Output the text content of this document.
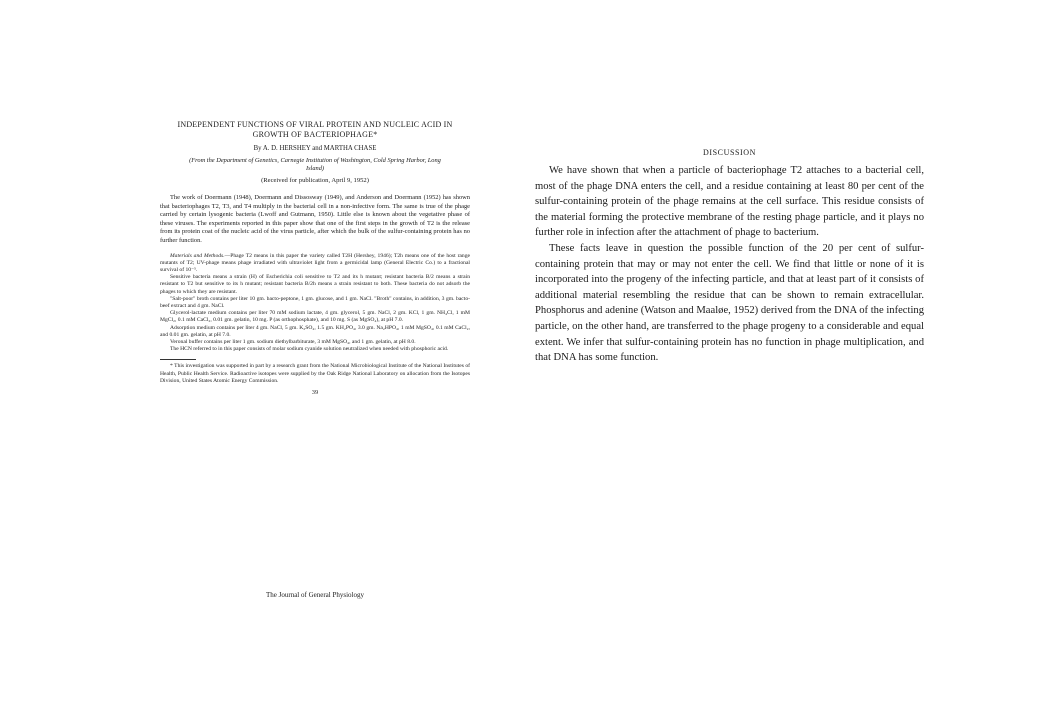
INDEPENDENT FUNCTIONS OF VIRAL PROTEIN AND NUCLEIC ACID IN GROWTH OF BACTERIOPHAGE*
By A. D. HERSHEY and MARTHA CHASE
(From the Department of Genetics, Carnegie Institution of Washington, Cold Spring Harbor, Long Island)
(Received for publication, April 9, 1952)

The work of Doermann (1948), Doermann and Dissosway (1949), and Anderson and Doermann (1952) has shown that bacteriophages T2, T3, and T4 multiply in the bacterial cell in a non-infective form. The same is true of the phage carried by certain lysogenic bacteria (Lwoff and Gutmann, 1950). Little else is known about the vegetative phase of these viruses. The experiments reported in this paper show that one of the first steps in the growth of T2 is the release from its protein coat of the nucleic acid of the virus particle, after which the bulk of the sulfur-containing protein has no further function.

Materials and Methods.—Phage T2 means in this paper the variety called T2H (Hershey, 1946); T2h means one of the host range mutants of T2; UV-phage means phage irradiated with ultraviolet light from a germicidal lamp (General Electric Co.) to a fractional survival of 10⁻⁵.

Sensitive bacteria means a strain (H) of Escherichia coli sensitive to T2 and its h mutant; resistant bacteria B/2 means a strain resistant to T2 but sensitive to its h mutant; resistant bacteria B/2h means a strain resistant to both. These bacteria do not adsorb the phages to which they are resistant.

"Salt-poor" broth contains per liter 10 gm. bacto-peptone, 1 gm. glucose, and 1 gm. NaCl. "Broth" contains, in addition, 3 gm. bacto-beef extract and 4 gm. NaCl.

Glycerol-lactate medium contains per liter 70 mM sodium lactate, 4 gm. glycerol, 5 gm. NaCl, 2 gm. KCl, 1 gm. NH₄Cl, 1 mM MgCl₂, 0.1 mM CaCl₂, 0.01 gm. gelatin, 10 mg. P (as orthophosphate), and 10 mg. S (as MgSO₄), at pH 7.0.

Adsorption medium contains per liter 4 gm. NaCl, 5 gm. K₂SO₄, 1.5 gm. KH₂PO₄, 3.0 gm. Na₂HPO₄, 1 mM MgSO₄, 0.1 mM CaCl₂, and 0.01 gm. gelatin, at pH 7.0.

Veronal buffer contains per liter 1 gm. sodium diethylbarbiturate, 3 mM MgSO₄, and 1 gm. gelatin, at pH 8.0.

The HCN referred to in this paper consists of molar sodium cyanide solution neutralized when needed with phosphoric acid.

* This investigation was supported in part by a research grant from the National Microbiological Institute of the National Institutes of Health, Public Health Service. Radioactive isotopes were supplied by the Oak Ridge National Laboratory on allocation from the Isotopes Division, United States Atomic Energy Commission.

39
The Journal of General Physiology
DISCUSSION

We have shown that when a particle of bacteriophage T2 attaches to a bacterial cell, most of the phage DNA enters the cell, and a residue containing at least 80 per cent of the sulfur-containing protein of the phage remains at the cell surface. This residue consists of the material forming the protective membrane of the resting phage particle, and it plays no further role in infection after the attachment of phage to bacterium.

These facts leave in question the possible function of the 20 per cent of sulfur-containing protein that may or may not enter the cell. We find that little or none of it is incorporated into the progeny of the infecting particle, and that at least part of it consists of additional material resembling the residue that can be shown to remain extracellular. Phosphorus and adenine (Watson and Maaløe, 1952) derived from the DNA of the infecting particle, on the other hand, are transferred to the phage progeny to a considerable and equal extent. We infer that sulfur-containing protein has no function in phage multiplication, and that DNA has some function.
